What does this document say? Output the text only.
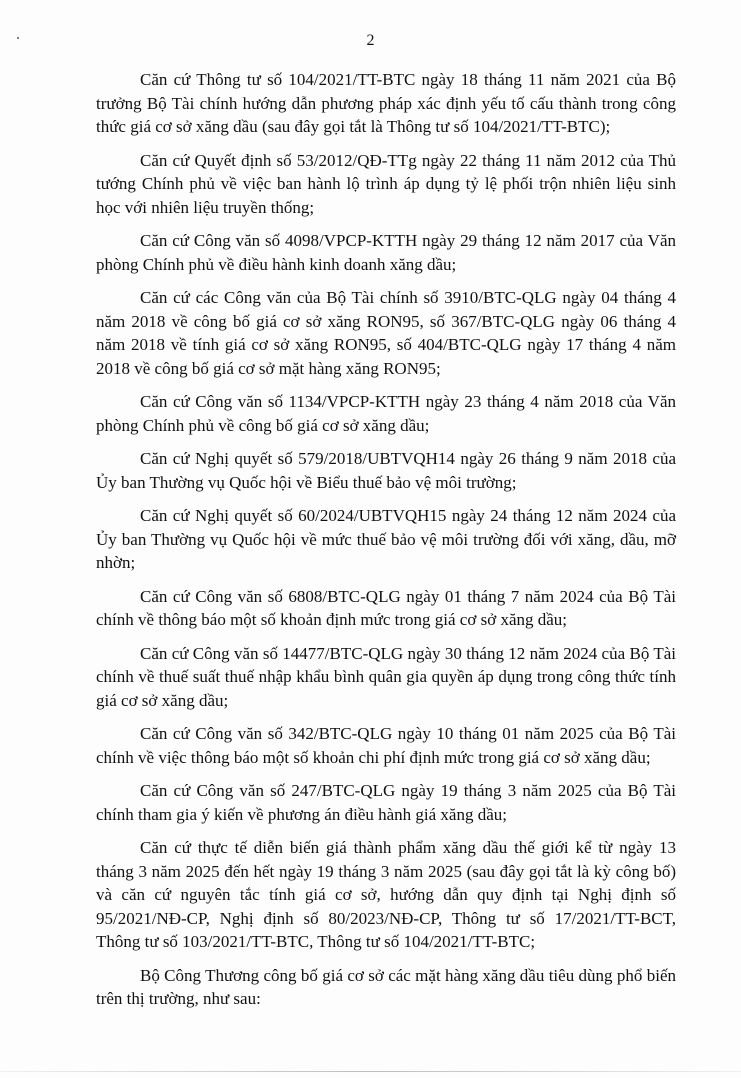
2

Căn cứ Thông tư số 104/2021/TT-BTC ngày 18 tháng 11 năm 2021 của Bộ trưởng Bộ Tài chính hướng dẫn phương pháp xác định yếu tố cấu thành trong công thức giá cơ sở xăng dầu (sau đây gọi tắt là Thông tư số 104/2021/TT-BTC);

Căn cứ Quyết định số 53/2012/QĐ-TTg ngày 22 tháng 11 năm 2012 của Thủ tướng Chính phủ về việc ban hành lộ trình áp dụng tỷ lệ phối trộn nhiên liệu sinh học với nhiên liệu truyền thống;

Căn cứ Công văn số 4098/VPCP-KTTH ngày 29 tháng 12 năm 2017 của Văn phòng Chính phủ về điều hành kinh doanh xăng dầu;

Căn cứ các Công văn của Bộ Tài chính số 3910/BTC-QLG ngày 04 tháng 4 năm 2018 về công bố giá cơ sở xăng RON95, số 367/BTC-QLG ngày 06 tháng 4 năm 2018 về tính giá cơ sở xăng RON95, số 404/BTC-QLG ngày 17 tháng 4 năm 2018 về công bố giá cơ sở mặt hàng xăng RON95;

Căn cứ Công văn số 1134/VPCP-KTTH ngày 23 tháng 4 năm 2018 của Văn phòng Chính phủ về công bố giá cơ sở xăng dầu;

Căn cứ Nghị quyết số 579/2018/UBTVQH14 ngày 26 tháng 9 năm 2018 của Ủy ban Thường vụ Quốc hội về Biểu thuế bảo vệ môi trường;

Căn cứ Nghị quyết số 60/2024/UBTVQH15 ngày 24 tháng 12 năm 2024 của Ủy ban Thường vụ Quốc hội về mức thuế bảo vệ môi trường đối với xăng, dầu, mỡ nhờn;

Căn cứ Công văn số 6808/BTC-QLG ngày 01 tháng 7 năm 2024 của Bộ Tài chính về thông báo một số khoản định mức trong giá cơ sở xăng dầu;

Căn cứ Công văn số 14477/BTC-QLG ngày 30 tháng 12 năm 2024 của Bộ Tài chính về thuế suất thuế nhập khẩu bình quân gia quyền áp dụng trong công thức tính giá cơ sở xăng dầu;

Căn cứ Công văn số 342/BTC-QLG ngày 10 tháng 01 năm 2025 của Bộ Tài chính về việc thông báo một số khoản chi phí định mức trong giá cơ sở xăng dầu;

Căn cứ Công văn số 247/BTC-QLG ngày 19 tháng 3 năm 2025 của Bộ Tài chính tham gia ý kiến về phương án điều hành giá xăng dầu;

Căn cứ thực tế diễn biến giá thành phẩm xăng dầu thế giới kể từ ngày 13 tháng 3 năm 2025 đến hết ngày 19 tháng 3 năm 2025 (sau đây gọi tắt là kỳ công bố) và căn cứ nguyên tắc tính giá cơ sở, hướng dẫn quy định tại Nghị định số 95/2021/NĐ-CP, Nghị định số 80/2023/NĐ-CP, Thông tư số 17/2021/TT-BCT, Thông tư số 103/2021/TT-BTC, Thông tư số 104/2021/TT-BTC;

Bộ Công Thương công bố giá cơ sở các mặt hàng xăng dầu tiêu dùng phổ biến trên thị trường, như sau:
